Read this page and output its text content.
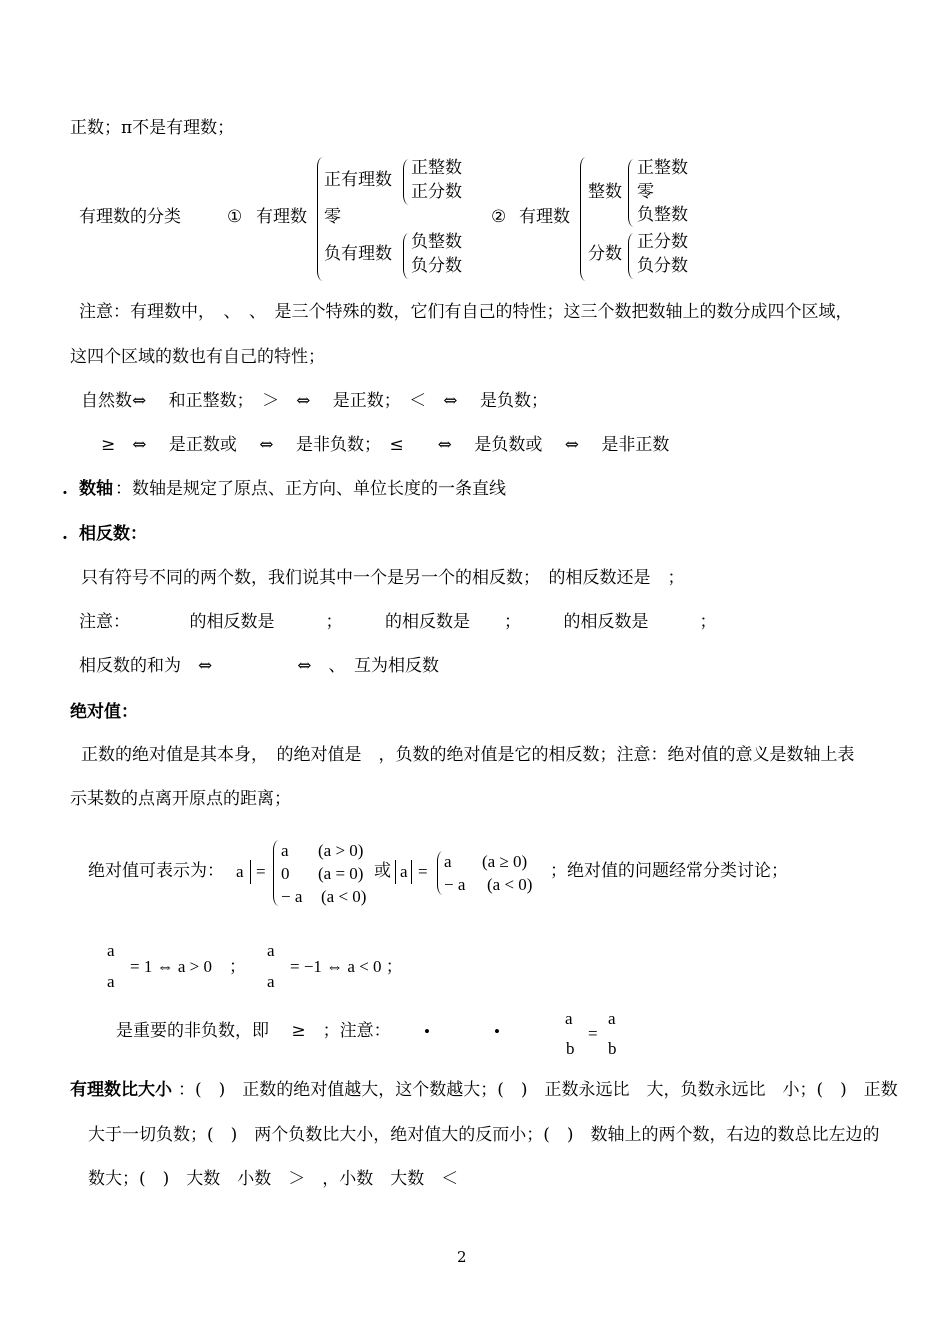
正数；π不是有理数；
有理数的分类	① 有理数
正有理数
正整数
正分数
零
负有理数
负整数
负分数
② 有理数
整数
正整数
零
负整数
分数
正分数
负分数
注意：有理数中，　、　、　是三个特殊的数，它们有自己的特性；这三个数把数轴上的数分成四个区域，
这四个区域的数也有自己的特性；
自然数⇔　 和正整数；　＞　⇔　 是正数；　＜　⇔　 是负数；
≥　⇔　 是正数或　 ⇔　 是非负数；　≤　　⇔　 是负数或　 ⇔　 是非正数
. 数轴 ：数轴是规定了原点、正方向、单位长度的一条直线
. 相反数：
只有符号不同的两个数，我们说其中一个是另一个的相反数；　的相反数还是　；
注意：　　　　的相反数是　　　；　　　的相反数是　　；　　　的相反数是　　　；
相反数的和为　⇔　　　　　⇔　、　互为相反数
绝对值：
正数的绝对值是其本身，　的绝对值是　，负数的绝对值是它的相反数；注意：绝对值的意义是数轴上表
示某数的点离开原点的距离；
绝对值可表示为： a =
a (a > 0)
0 (a = 0)
− a (a < 0)
或 a =
a (a ≥ 0)
− a (a < 0)
；绝对值的问题经常分类讨论；
a
a
= 1 ⇔ a > 0　；
a
a
= −1 ⇔ a < 0 ；
是重要的非负数，即　 ≥　；注意： •	•
a
b
=
a
b
有理数比大小 ：(　)　正数的绝对值越大，这个数越大；(　)　正数永远比　大，负数永远比　小；(　)　正数
大于一切负数；(　)　两个负数比大小，绝对值大的反而小；(　)　数轴上的两个数，右边的数总比左边的
数大；(　)　大数　小数　＞　，小数　大数　＜
2
